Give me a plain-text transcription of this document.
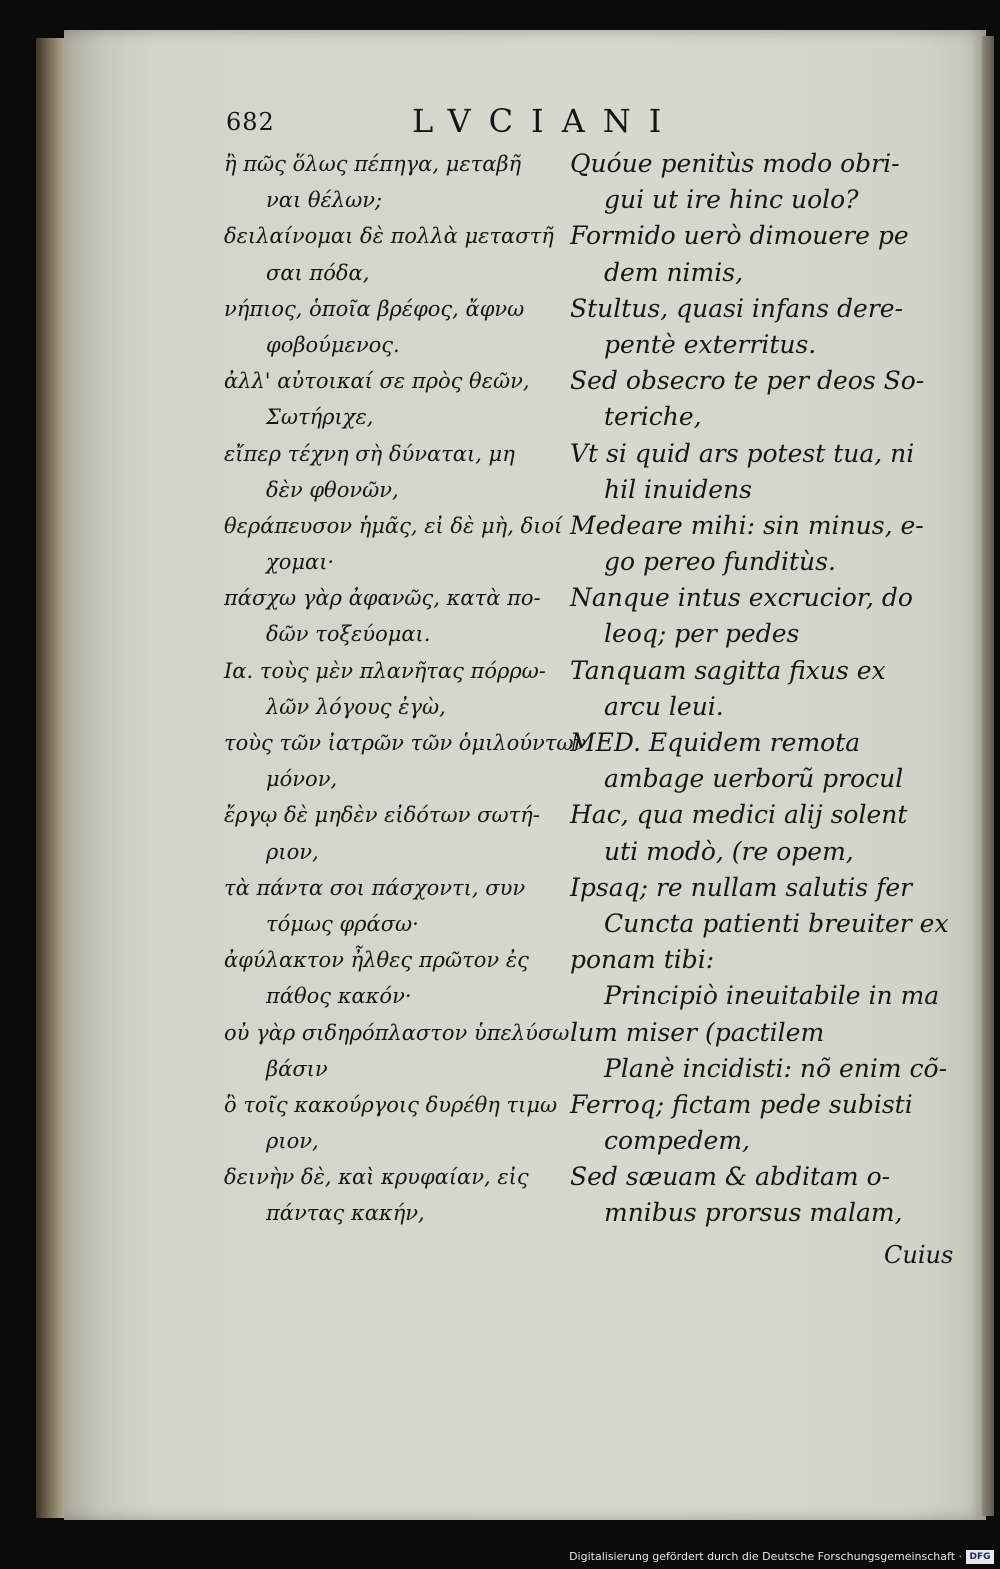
682	LVCIANI
ἢ πῶς ὅλως πέπηγα, μεταβῆ
ναι θέλων;
δειλαίνομαι δὲ πολλὰ μεταστῆ
σαι πόδα,
νήπιος, ὁποῖα βρέφος, ἄφνω
φοβούμενος.
ἀλλ' αὐτοικαί σε πρὸς θεῶν,
Σωτήριχε,
εἴπερ τέχνη σὴ δύναται, μη
δὲν φθονῶν,
θεράπευσον ἡμᾶς, εἰ δὲ μὴ, διοί
χομαι·
πάσχω γὰρ ἀφανῶς, κατὰ πο-
δῶν τοξεύομαι.
Ια. τοὺς μὲν πλανῆτας πόρρω-
λῶν λόγους ἐγὼ,
τοὺς τῶν ἰατρῶν τῶν ὁμιλούντων
μόνον,
ἔργῳ δὲ μηδὲν εἰδότων σωτή-
ριον,
τὰ πάντα σοι πάσχοντι, συν
τόμως φράσω·
ἀφύλακτον ἦλθες πρῶτον ἐς
πάθος κακόν·
οὐ γὰρ σιδηρόπλαστον ὑπελύσω
βάσιν
ὃ τοῖς κακούργοις δυρέθη τιμω
ριον,
δεινὴν δὲ, καὶ κρυφαίαν, εἰς
πάντας κακήν,
Quóue penitùs modo obri-
gui ut ire hinc uolo?
Formido uerò dimouere pe
dem nimis,
Stultus, quasi infans dere-
pentè exterritus.
Sed obsecro te per deos So-
teriche,
Vt si quid ars potest tua, ni
hil inuidens
Medeare mihi: sin minus, e-
go pereo funditùs.
Nanque intus excrucior, do
leoq; per pedes
Tanquam sagitta fixus ex
arcu leui.
MED. Equidem remota
ambage uerborũ procul
Hac, qua medici alij solent
uti modò, (re opem,
Ipsaq; re nullam salutis fer
Cuncta patienti breuiter ex
ponam tibi:
Principiò ineuitabile in ma
lum miser (pactilem
Planè incidisti: nõ enim cõ-
Ferroq; fictam pede subisti
compedem,
Sed sæuam & abditam o-
mnibus prorsus malam,
Cuius
Digitalisierung gefördert durch die Deutsche Forschungsgemeinschaft · DFG
